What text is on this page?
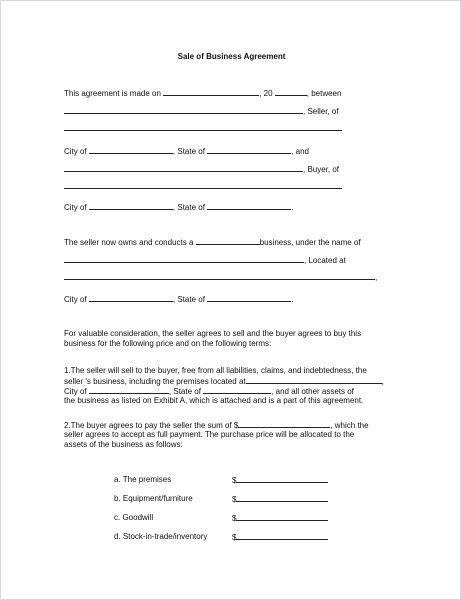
Sale of Business Agreement
This agreement is made on	, 20	, between
, Seller, of
City of	, State of	, and
, Buyer, of
City of	, State of	.
The seller now owns and conducts a	business, under the name of
, Located at
,
City of	, State of	.
For valuable consideration, the seller agrees to sell and the buyer agrees to buy this
business for the following price and on the following terms:
1.The seller will sell to the buyer, free from all liabilities, claims, and indebtedness, the
seller 's business, including the premises located at	,
City of	, State of	, and all other assets of
the business as listed on Exhibit A, which is attached and is a part of this agreement.
2.The buyer agrees to pay the seller the sum of $	, which the
seller agrees to accept as full payment. The purchase price will be allocated to the
assets of the business as follows:
a. The premises	$
b. Equipment/furniture	$
c. Goodwill	$
d. Stock-in-trade/inventory	$
